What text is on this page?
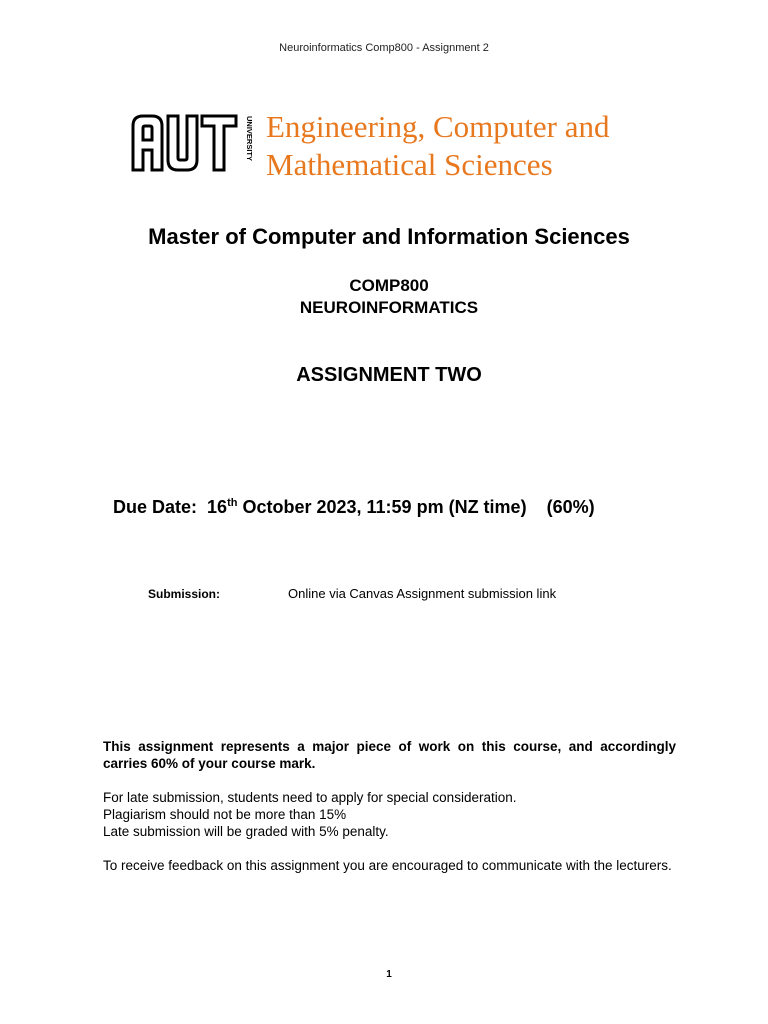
Neuroinformatics Comp800 - Assignment 2
UNIVERSITY Engineering, Computer and
Mathematical Sciences
Master of Computer and Information Sciences
COMP800
NEUROINFORMATICS
ASSIGNMENT TWO
Due Date: 16th October 2023, 11:59 pm (NZ time) (60%)
Submission:	Online via Canvas Assignment submission link

This assignment represents a major piece of work on this course, and accordingly carries 60% of your course mark.

For late submission, students need to apply for special consideration.
Plagiarism should not be more than 15%
Late submission will be graded with 5% penalty.

To receive feedback on this assignment you are encouraged to communicate with the lecturers.

1
